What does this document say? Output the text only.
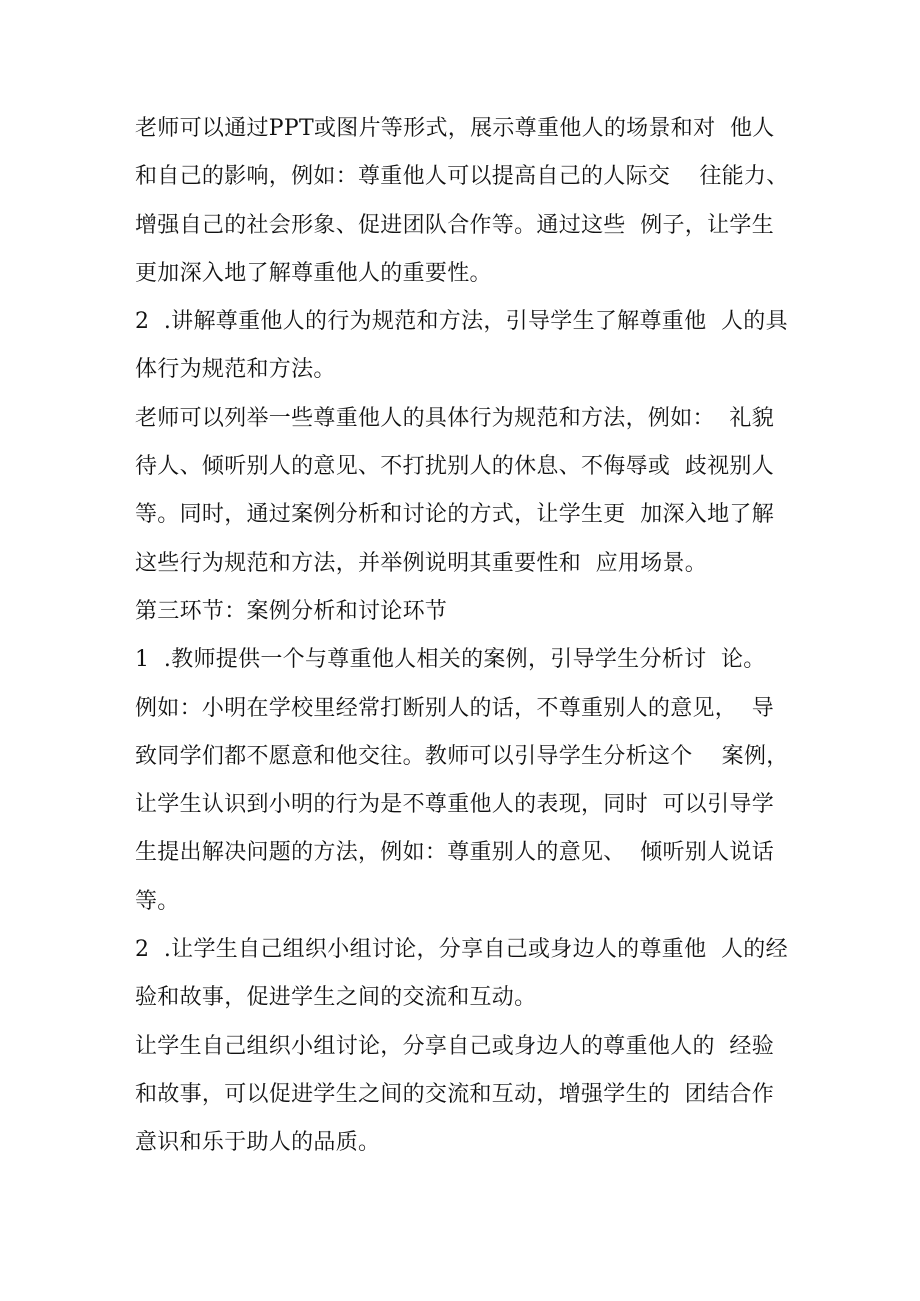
老师可以通过PPT或图片等形式，展示尊重他人的场景和对  他人
和自己的影响，例如：尊重他人可以提高自己的人际交    往能力、
增强自己的社会形象、促进团队合作等。通过这些  例子，让学生
更加深入地了解尊重他人的重要性。
2  .讲解尊重他人的行为规范和方法，引导学生了解尊重他  人的具
体行为规范和方法。
老师可以列举一些尊重他人的具体行为规范和方法，例如：  礼貌
待人、倾听别人的意见、不打扰别人的休息、不侮辱或  歧视别人
等。同时，通过案例分析和讨论的方式，让学生更  加深入地了解
这些行为规范和方法，并举例说明其重要性和  应用场景。
第三环节：案例分析和讨论环节
1  .教师提供一个与尊重他人相关的案例，引导学生分析讨  论。
例如：小明在学校里经常打断别人的话，不尊重别人的意见，  导
致同学们都不愿意和他交往。教师可以引导学生分析这个    案例，
让学生认识到小明的行为是不尊重他人的表现，同时  可以引导学
生提出解决问题的方法，例如：尊重别人的意见、  倾听别人说话
等。
2  .让学生自己组织小组讨论，分享自己或身边人的尊重他  人的经
验和故事，促进学生之间的交流和互动。
让学生自己组织小组讨论，分享自己或身边人的尊重他人的  经验
和故事，可以促进学生之间的交流和互动，增强学生的  团结合作
意识和乐于助人的品质。
